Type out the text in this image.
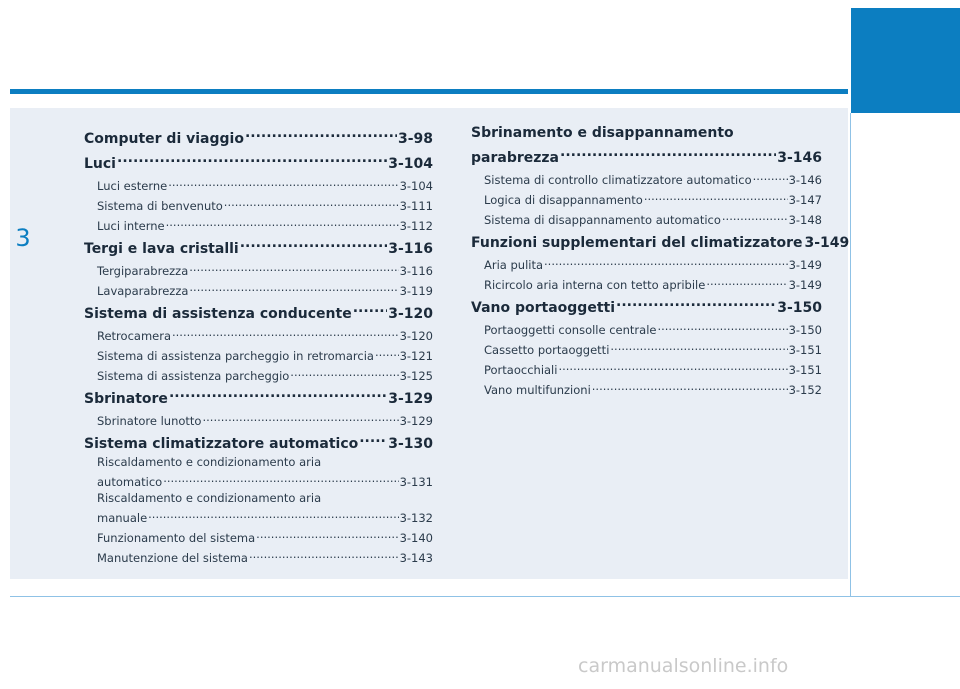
3
Computer di viaggio .....	3-98
Luci .....	3-104
Luci esterne .....	3-104
Sistema di benvenuto .....	3-111
Luci interne .....	3-112
Tergi e lava cristalli .....	3-116
Tergiparabrezza .....	3-116
Lavaparabrezza .....	3-119
Sistema di assistenza conducente .....	3-120
Retrocamera .....	3-120
Sistema di assistenza parcheggio in retromarcia ..... 3-121
Sistema di assistenza parcheggio .....	3-125
Sbrinatore .....	3-129
Sbrinatore lunotto .....	3-129
Sistema climatizzatore automatico ..... 3-130
Riscaldamento e condizionamento aria
automatico .....	3-131
Riscaldamento e condizionamento aria
manuale .....	3-132
Funzionamento del sistema .....	3-140
Manutenzione del sistema .....	3-143
Sbrinamento e disappannamento
parabrezza .....	3-146
Sistema di controllo climatizzatore automatico .....	3-146
Logica di disappannamento .....	3-147
Sistema di disappannamento automatico .....	3-148
Funzioni supplementari del climatizzatore 3-149
Aria pulita .....	3-149
Ricircolo aria interna con tetto apribile .....	3-149
Vano portaoggetti .....	3-150
Portaoggetti consolle centrale .....	3-150
Cassetto portaoggetti .....	3-151
Portaocchiali .....	3-151
Vano multifunzioni .....	3-152
carmanualsonline.info
